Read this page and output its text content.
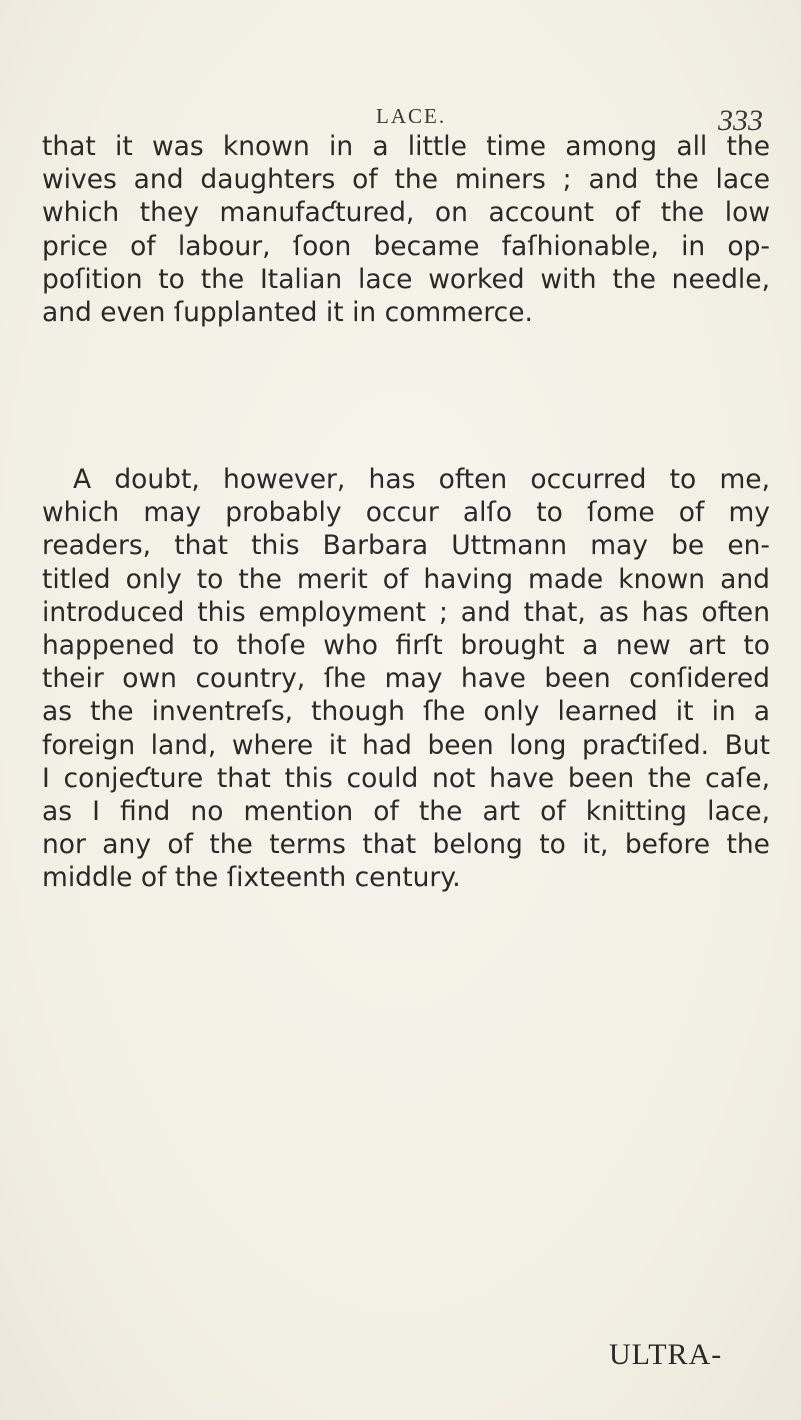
LACE.	333
that it was known in a little time among all the
wives and daughters of the miners ; and the lace
which they manufaƈtured, on account of the low
price of labour, ſoon became faſhionable, in op-
poſition to the Italian lace worked with the needle,
and even ſupplanted it in commerce.
A doubt, however, has often occurred to me,
which may probably occur alſo to ſome of my
readers, that this Barbara Uttmann may be en-
titled only to the merit of having made known and
introduced this employment ; and that, as has often
happened to thoſe who firſt brought a new art to
their own country, ſhe may have been conſidered
as the inventreſs, though ſhe only learned it in a
foreign land, where it had been long praƈtiſed. But
I conjeƈture that this could not have been the caſe,
as I find no mention of the art of knitting lace,
nor any of the terms that belong to it, before the
middle of the ſixteenth century.
ULTRA-
